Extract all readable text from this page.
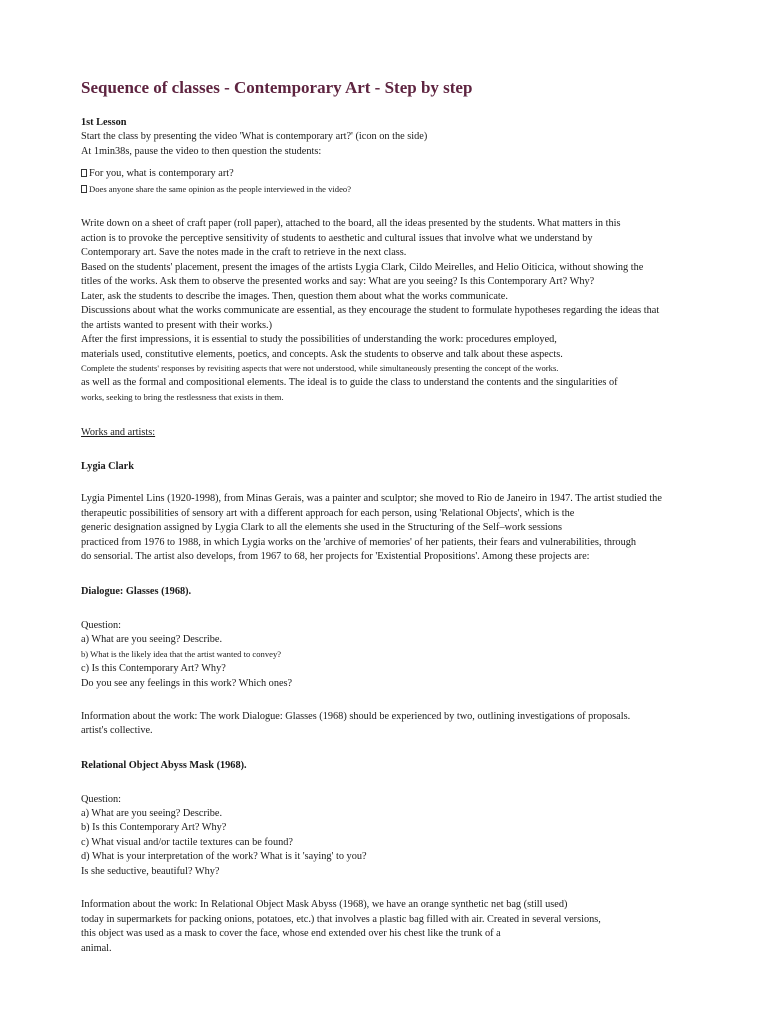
Sequence of classes - Contemporary Art - Step by step
1st Lesson
Start the class by presenting the video 'What is contemporary art?' (icon on the side)
At 1min38s, pause the video to then question the students:
For you, what is contemporary art?
Does anyone share the same opinion as the people interviewed in the video?
Write down on a sheet of craft paper (roll paper), attached to the board, all the ideas presented by the students. What matters in this
action is to provoke the perceptive sensitivity of students to aesthetic and cultural issues that involve what we understand by
Contemporary art. Save the notes made in the craft to retrieve in the next class.
Based on the students' placement, present the images of the artists Lygia Clark, Cildo Meirelles, and Helio Oiticica, without showing the
titles of the works. Ask them to observe the presented works and say: What are you seeing? Is this Contemporary Art? Why?
Later, ask the students to describe the images. Then, question them about what the works communicate.
Discussions about what the works communicate are essential, as they encourage the student to formulate hypotheses regarding the ideas that
the artists wanted to present with their works.)
After the first impressions, it is essential to study the possibilities of understanding the work: procedures employed,
materials used, constitutive elements, poetics, and concepts. Ask the students to observe and talk about these aspects.
Complete the students' responses by revisiting aspects that were not understood, while simultaneously presenting the concept of the works.
as well as the formal and compositional elements. The ideal is to guide the class to understand the contents and the singularities of
works, seeking to bring the restlessness that exists in them.
Works and artists:
Lygia Clark
Lygia Pimentel Lins (1920-1998), from Minas Gerais, was a painter and sculptor; she moved to Rio de Janeiro in 1947. The artist studied the
therapeutic possibilities of sensory art with a different approach for each person, using 'Relational Objects', which is the
generic designation assigned by Lygia Clark to all the elements she used in the Structuring of the Self–work sessions
practiced from 1976 to 1988, in which Lygia works on the 'archive of memories' of her patients, their fears and vulnerabilities, through
do sensorial. The artist also develops, from 1967 to 68, her projects for 'Existential Propositions'. Among these projects are:
Dialogue: Glasses (1968).
Question:
a) What are you seeing? Describe.
b) What is the likely idea that the artist wanted to convey?
c) Is this Contemporary Art? Why?
Do you see any feelings in this work? Which ones?
Information about the work: The work Dialogue: Glasses (1968) should be experienced by two, outlining investigations of proposals.
artist's collective.
Relational Object Abyss Mask (1968).
Question:
a) What are you seeing? Describe.
b) Is this Contemporary Art? Why?
c) What visual and/or tactile textures can be found?
d) What is your interpretation of the work? What is it 'saying' to you?
Is she seductive, beautiful? Why?
Information about the work: In Relational Object Mask Abyss (1968), we have an orange synthetic net bag (still used)
today in supermarkets for packing onions, potatoes, etc.) that involves a plastic bag filled with air. Created in several versions,
this object was used as a mask to cover the face, whose end extended over his chest like the trunk of a
animal.
